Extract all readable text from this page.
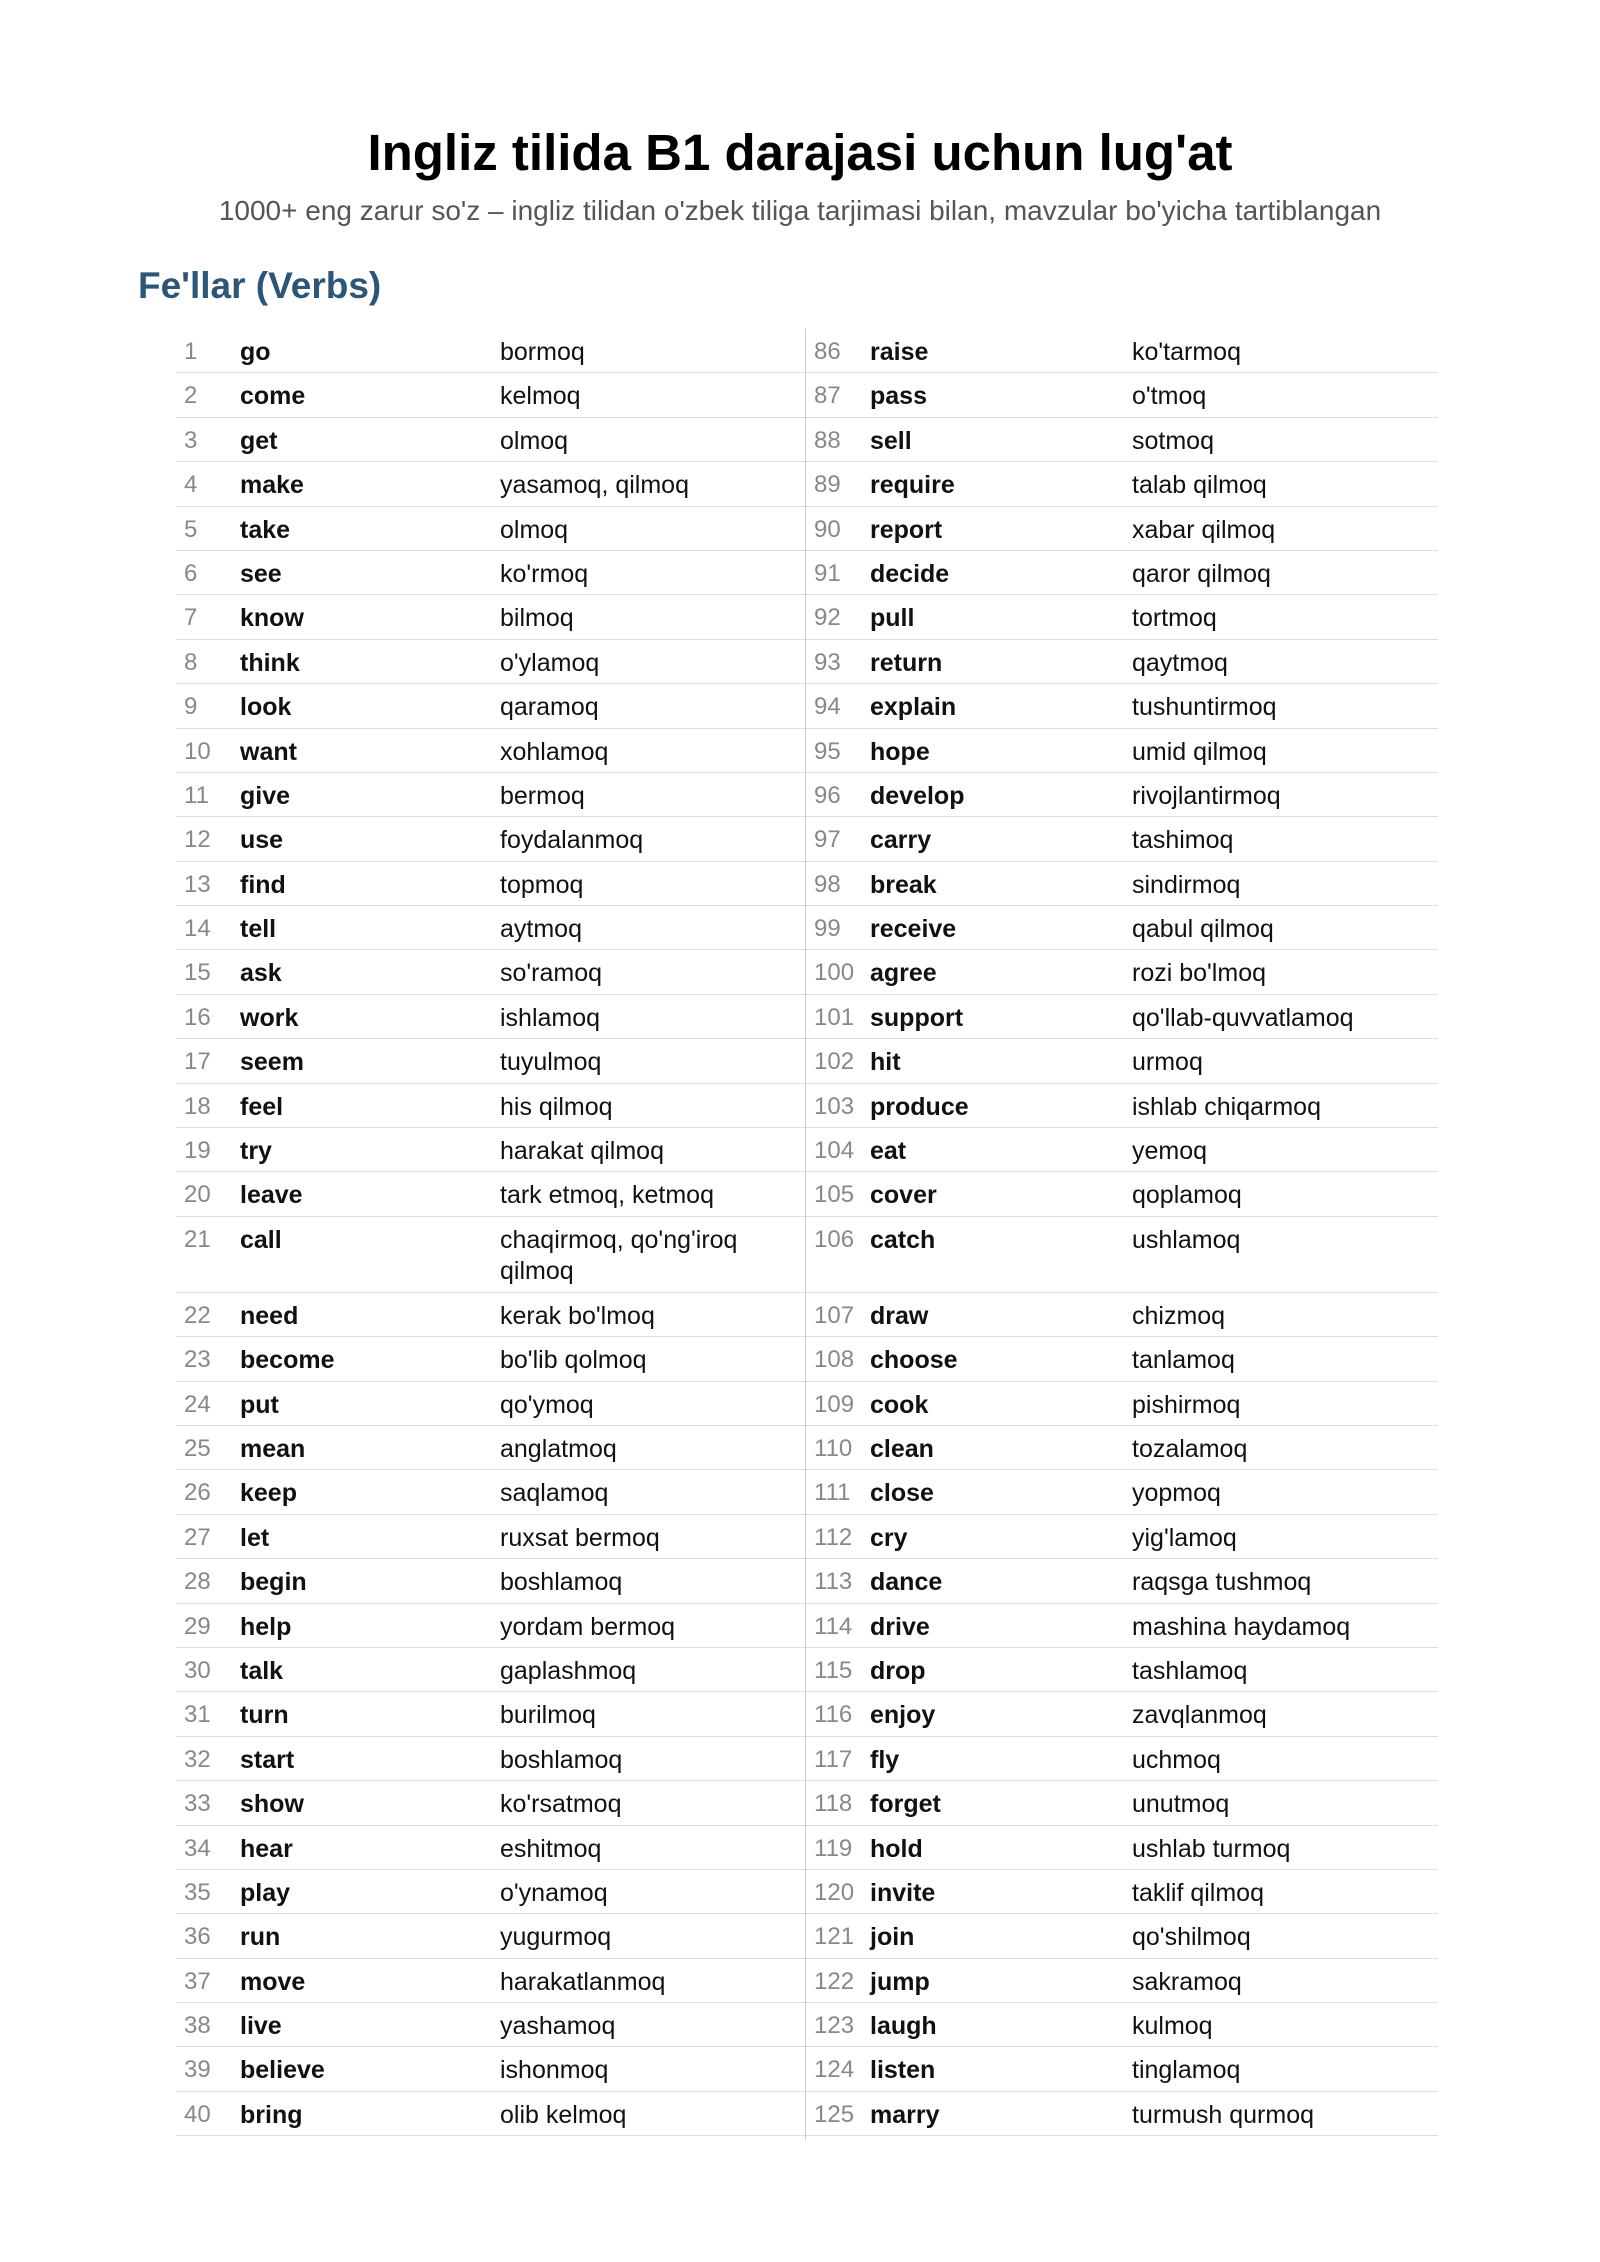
Ingliz tilida B1 darajasi uchun lug'at

1000+ eng zarur so'z – ingliz tilidan o'zbek tiliga tarjimasi bilan, mavzular bo'yicha tartiblangan

Fe'llar (Verbs)
1	go	bormoq
2	come	kelmoq
3	get	olmoq
4	make	yasamoq, qilmoq
5	take	olmoq
6	see	ko'rmoq
7	know	bilmoq
8	think	o'ylamoq
9	look	qaramoq
10	want	xohlamoq
11	give	bermoq
12	use	foydalanmoq
13	find	topmoq
14	tell	aytmoq
15	ask	so'ramoq
16	work	ishlamoq
17	seem	tuyulmoq
18	feel	his qilmoq
19	try	harakat qilmoq
20	leave	tark etmoq, ketmoq
21	call	chaqirmoq, qo'ng'iroq qilmoq
22	need	kerak bo'lmoq
23	become	bo'lib qolmoq
24	put	qo'ymoq
25	mean	anglatmoq
26	keep	saqlamoq
27	let	ruxsat bermoq
28	begin	boshlamoq
29	help	yordam bermoq
30	talk	gaplashmoq
31	turn	burilmoq
32	start	boshlamoq
33	show	ko'rsatmoq
34	hear	eshitmoq
35	play	o'ynamoq
36	run	yugurmoq
37	move	harakatlanmoq
38	live	yashamoq
39	believe	ishonmoq
40	bring	olib kelmoq
86	raise	ko'tarmoq
87	pass	o'tmoq
88	sell	sotmoq
89	require	talab qilmoq
90	report	xabar qilmoq
91	decide	qaror qilmoq
92	pull	tortmoq
93	return	qaytmoq
94	explain	tushuntirmoq
95	hope	umid qilmoq
96	develop	rivojlantirmoq
97	carry	tashimoq
98	break	sindirmoq
99	receive	qabul qilmoq
100 agree	rozi bo'lmoq
101 support	qo'llab-quvvatlamoq
102 hit	urmoq
103 produce	ishlab chiqarmoq
104 eat	yemoq
105 cover	qoplamoq
106 catch	ushlamoq
107 draw	chizmoq
108 choose	tanlamoq
109 cook	pishirmoq
110 clean	tozalamoq
111 close	yopmoq
112 cry	yig'lamoq
113 dance	raqsga tushmoq
114 drive	mashina haydamoq
115 drop	tashlamoq
116 enjoy	zavqlanmoq
117 fly	uchmoq
118 forget	unutmoq
119 hold	ushlab turmoq
120 invite	taklif qilmoq
121 join	qo'shilmoq
122 jump	sakramoq
123 laugh	kulmoq
124 listen	tinglamoq
125 marry	turmush qurmoq
